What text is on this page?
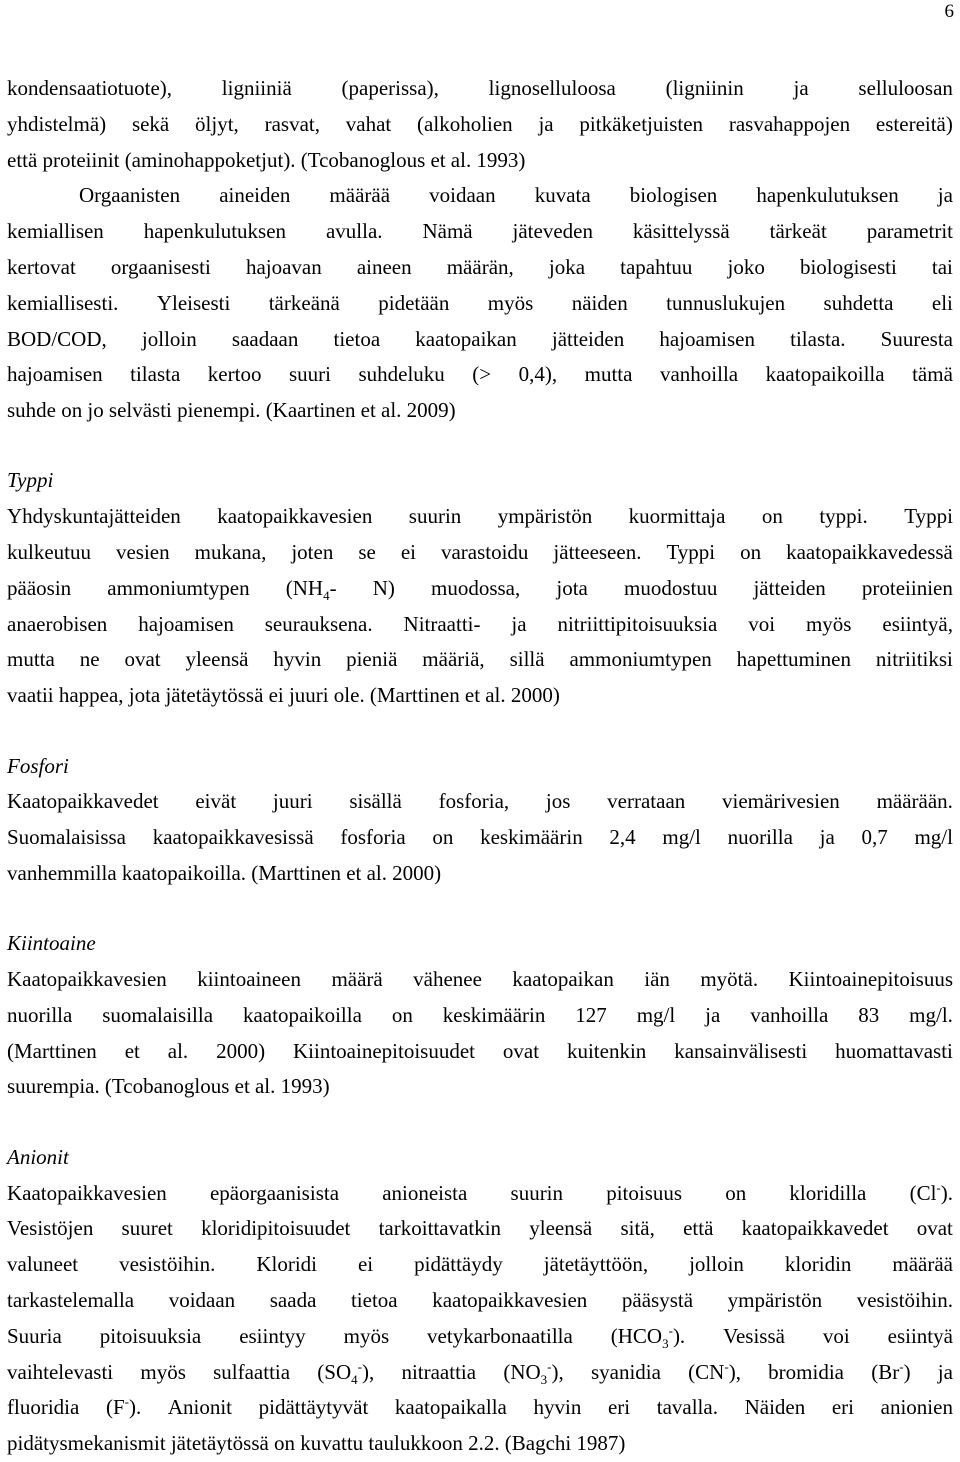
6
kondensaatiotuote), ligniiniä (paperissa), lignoselluloosa (ligniinin ja selluloosan
yhdistelmä) sekä öljyt, rasvat, vahat (alkoholien ja pitkäketjuisten rasvahappojen estereitä)
että proteiinit (aminohappoketjut). (Tcobanoglous et al. 1993)
Orgaanisten aineiden määrää voidaan kuvata biologisen hapenkulutuksen ja
kemiallisen hapenkulutuksen avulla. Nämä jäteveden käsittelyssä tärkeät parametrit
kertovat orgaanisesti hajoavan aineen määrän, joka tapahtuu joko biologisesti tai
kemiallisesti. Yleisesti tärkeänä pidetään myös näiden tunnuslukujen suhdetta eli
BOD/COD, jolloin saadaan tietoa kaatopaikan jätteiden hajoamisen tilasta. Suuresta
hajoamisen tilasta kertoo suuri suhdeluku (> 0,4), mutta vanhoilla kaatopaikoilla tämä
suhde on jo selvästi pienempi. (Kaartinen et al. 2009)
Typpi
Yhdyskuntajätteiden kaatopaikkavesien suurin ympäristön kuormittaja on typpi. Typpi
kulkeutuu vesien mukana, joten se ei varastoidu jätteeseen. Typpi on kaatopaikkavedessä
pääosin ammoniumtypen ($NH_4-$ N) muodossa, jota muodostuu jätteiden proteiinien
anaerobisen hajoamisen seurauksena. Nitraatti- ja nitriittipitoisuuksia voi myös esiintyä,
mutta ne ovat yleensä hyvin pieniä määriä, sillä ammoniumtypen hapettuminen nitriitiksi
vaatii happea, jota jätetäytössä ei juuri ole. (Marttinen et al. 2000)
Fosfori
Kaatopaikkavedet eivät juuri sisällä fosforia, jos verrataan viemärivesien määrään.
Suomalaisissa kaatopaikkavesissä fosforia on keskimäärin 2,4 mg/l nuorilla ja 0,7 mg/l
vanhemmilla kaatopaikoilla. (Marttinen et al. 2000)
Kiintoaine
Kaatopaikkavesien kiintoaineen määrä vähenee kaatopaikan iän myötä. Kiintoainepitoisuus
nuorilla suomalaisilla kaatopaikoilla on keskimäärin 127 mg/l ja vanhoilla 83 mg/l.
(Marttinen et al. 2000) Kiintoainepitoisuudet ovat kuitenkin kansainvälisesti huomattavasti
suurempia. (Tcobanoglous et al. 1993)
Anionit
Kaatopaikkavesien epäorgaanisista anioneista suurin pitoisuus on kloridilla (Cl-).
Vesistöjen suuret kloridipitoisuudet tarkoittavatkin yleensä sitä, että kaatopaikkavedet ovat
valuneet vesistöihin. Kloridi ei pidättäydy jätetäyttöön, jolloin kloridin määrää
tarkastelemalla voidaan saada tietoa kaatopaikkavesien pääsystä ympäristön vesistöihin.
Suuria pitoisuuksia esiintyy myös vetykarbonaatilla $(HCO_3^-)$. Vesissä voi esiintyä
vaihtelevasti myös sulfaattia $(SO_4^-)$, nitraattia $(NO_3^-)$, syanidia (CN-), bromidia (Br-) ja
fluoridia (F-). Anionit pidättäytyvät kaatopaikalla hyvin eri tavalla. Näiden eri anionien
pidätysmekanismit jätetäytössä on kuvattu taulukkoon 2.2. (Bagchi 1987)
